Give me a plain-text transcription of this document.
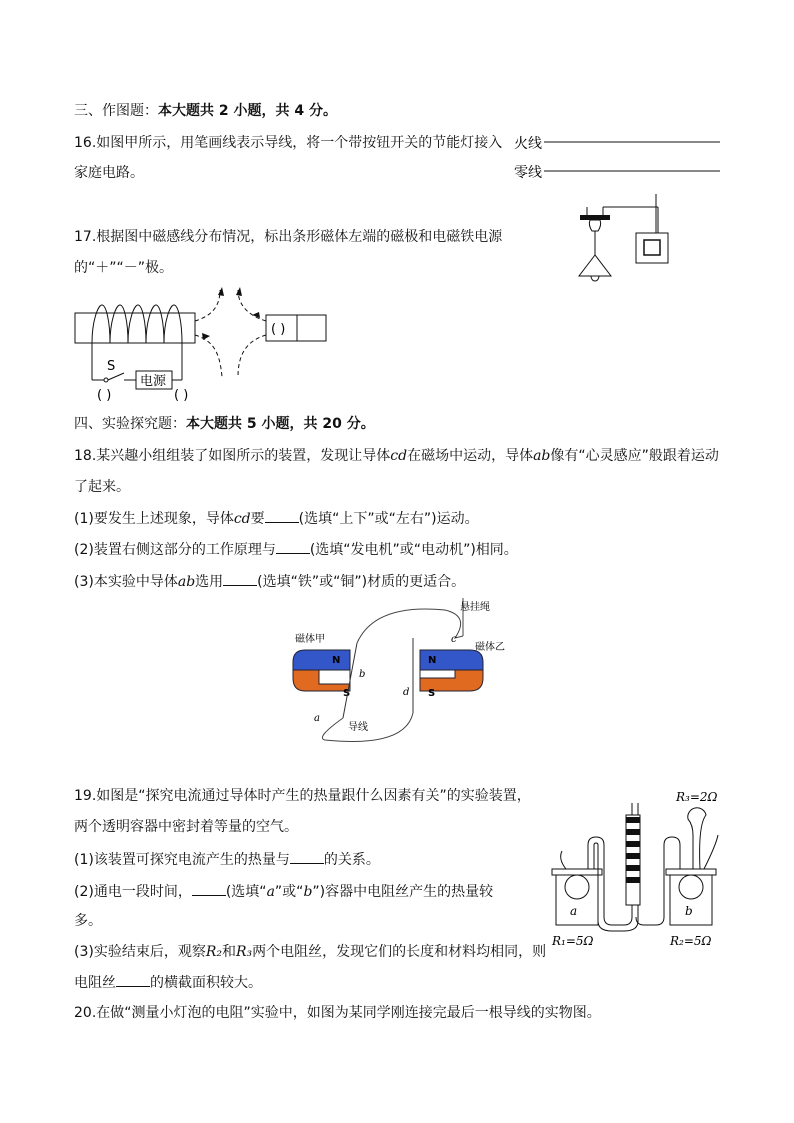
三、作图题：本大题共 2 小题，共 4 分。
16.如图甲所示，用笔画线表示导线，将一个带按钮开关的节能灯接入
家庭电路。
火线
零线
17.根据图中磁感线分布情况，标出条形磁体左端的磁极和电磁铁电源
的“＋”“－”极。
S
电源
( )	( )
( )
四、实验探究题：本大题共 5 小题，共 20 分。
18.某兴趣小组组装了如图所示的装置，发现让导体cd在磁场中运动，导体ab像有“心灵感应”般跟着运动
了起来。
(1)要发生上述现象，导体cd要 (选填“上下”或“左右”)运动。
(2)装置右侧这部分的工作原理与 (选填“发电机”或“电动机”)相同。
(3)本实验中导体ab选用 (选填“铁”或“铜”)材质的更适合。
N
S
N
S
悬挂绳
磁体甲
磁体乙
导线
a
b
c
d
19.如图是“探究电流通过导体时产生的热量跟什么因素有关”的实验装置，
两个透明容器中密封着等量的空气。
(1)该装置可探究电流产生的热量与 的关系。
(2)通电一段时间， (选填“a”或“b”)容器中电阻丝产生的热量较
多。
(3)实验结束后，观察R₂和R₃两个电阻丝，发现它们的长度和材料均相同，则
电阻丝 的横截面积较大。
R₃=2Ω
R₁=5Ω	R₂=5Ω
a	b
20.在做“测量小灯泡的电阻”实验中，如图为某同学刚连接完最后一根导线的实物图。
